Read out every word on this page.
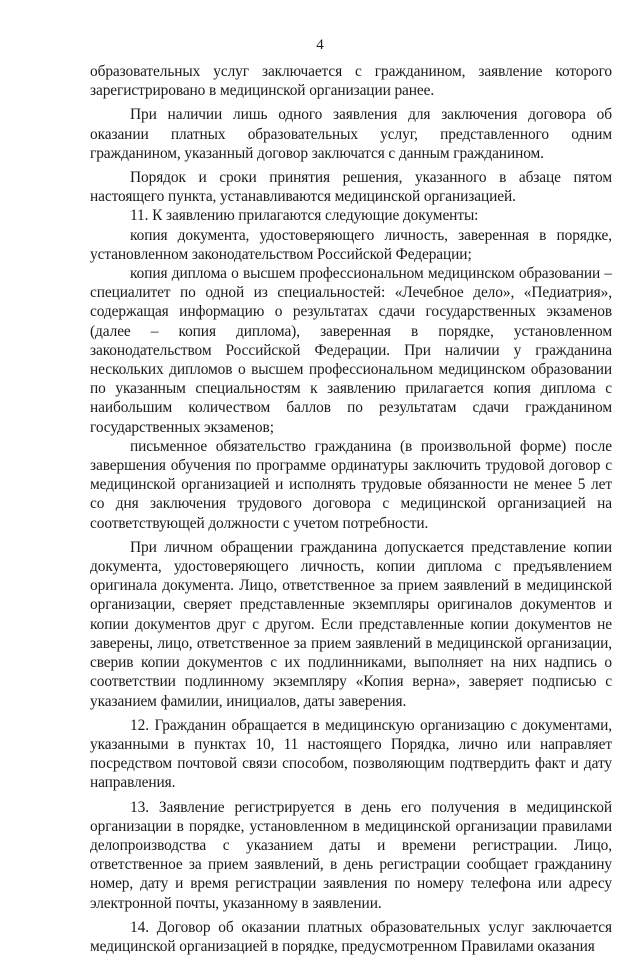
4

образовательных услуг заключается с гражданином, заявление которого зарегистрировано в медицинской организации ранее.

При наличии лишь одного заявления для заключения договора об оказании платных образовательных услуг, представленного одним гражданином, указанный договор заключатся с данным гражданином.

Порядок и сроки принятия решения, указанного в абзаце пятом настоящего пункта, устанавливаются медицинской организацией.

11. К заявлению прилагаются следующие документы:

копия документа, удостоверяющего личность, заверенная в порядке, установленном законодательством Российской Федерации;

копия диплома о высшем профессиональном медицинском образовании – специалитет по одной из специальностей: «Лечебное дело», «Педиатрия», содержащая информацию о результатах сдачи государственных экзаменов (далее – копия диплома), заверенная в порядке, установленном законодательством Российской Федерации. При наличии у гражданина нескольких дипломов о высшем профессиональном медицинском образовании по указанным специальностям к заявлению прилагается копия диплома с наибольшим количеством баллов по результатам сдачи гражданином государственных экзаменов;

письменное обязательство гражданина (в произвольной форме) после завершения обучения по программе ординатуры заключить трудовой договор с медицинской организацией и исполнять трудовые обязанности не менее 5 лет со дня заключения трудового договора с медицинской организацией на соответствующей должности с учетом потребности.

При личном обращении гражданина допускается представление копии документа, удостоверяющего личность, копии диплома с предъявлением оригинала документа. Лицо, ответственное за прием заявлений в медицинской организации, сверяет представленные экземпляры оригиналов документов и копии документов друг с другом. Если представленные копии документов не заверены, лицо, ответственное за прием заявлений в медицинской организации, сверив копии документов с их подлинниками, выполняет на них надпись о соответствии подлинному экземпляру «Копия верна», заверяет подписью с указанием фамилии, инициалов, даты заверения.

12. Гражданин обращается в медицинскую организацию с документами, указанными в пунктах 10, 11 настоящего Порядка, лично или направляет посредством почтовой связи способом, позволяющим подтвердить факт и дату направления.

13. Заявление регистрируется в день его получения в медицинской организации в порядке, установленном в медицинской организации правилами делопроизводства с указанием даты и времени регистрации. Лицо, ответственное за прием заявлений, в день регистрации сообщает гражданину номер, дату и время регистрации заявления по номеру телефона или адресу электронной почты, указанному в заявлении.

14. Договор об оказании платных образовательных услуг заключается медицинской организацией в порядке, предусмотренном Правилами оказания
